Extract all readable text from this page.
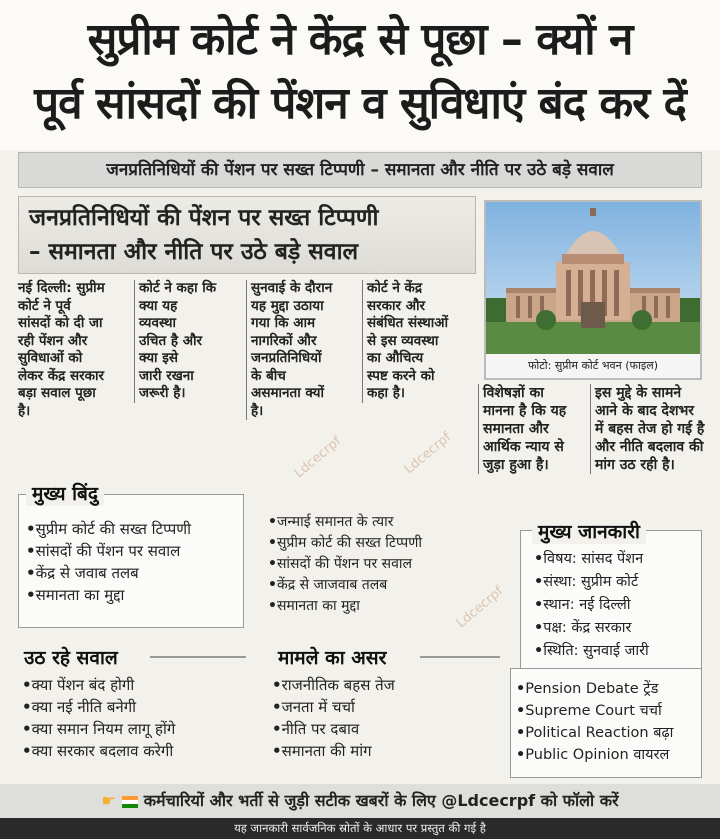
सुप्रीम कोर्ट ने केंद्र से पूछा – क्यों न
पूर्व सांसदों की पेंशन व सुविधाएं बंद कर दें
जनप्रतिनिधियों की पेंशन पर सख्त टिप्पणी – समानता और नीति पर उठे बड़े सवाल
जनप्रतिनिधियों की पेंशन पर सख्त टिप्पणी
– समानता और नीति पर उठे बड़े सवाल
फोटो: सुप्रीम कोर्ट भवन (फाइल)
नई दिल्ली: सुप्रीम
कोर्ट ने पूर्व
सांसदों को दी जा
रही पेंशन और
सुविधाओं को
लेकर केंद्र सरकार
बड़ा सवाल पूछा
है।
कोर्ट ने कहा कि
क्या यह
व्यवस्था
उचित है और
क्या इसे
जारी रखना
जरूरी है।
सुनवाई के दौरान
यह मुद्दा उठाया
गया कि आम
नागरिकों और
जनप्रतिनिधियों
के बीच
असमानता क्यों
है।
कोर्ट ने केंद्र
सरकार और
संबंधित संस्थाओं
से इस व्यवस्था
का औचित्य
स्पष्ट करने को
कहा है।	विशेषज्ञों का
मानना है कि यह
समानता और
आर्थिक न्याय से
जुड़ा हुआ है।
इस मुद्दे के सामने
आने के बाद देशभर
में बहस तेज हो गई है
और नीति बदलाव की
मांग उठ रही है।
Ldcecrpf	Ldcecrpf
Ldcecrpf
मुख्य बिंदु
• सुप्रीम कोर्ट की सख्त टिप्पणी
• सांसदों की पेंशन पर सवाल
• केंद्र से जवाब तलब
• समानता का मुद्दा
• जन्माई समानत के त्यार
• सुप्रीम कोर्ट की सख्त टिप्पणी
• सांसदों की पेंशन पर सवाल
• केंद्र से जाजवाब तलब
• समानता का मुद्दा
मुख्य जानकारी
• विषय: सांसद पेंशन
• संस्था: सुप्रीम कोर्ट
• स्थान: नई दिल्ली
• पक्ष: केंद्र सरकार
• स्थिति: सुनवाई जारी
उठ रहे सवाल
• क्या पेंशन बंद होगी
• क्या नई नीति बनेगी
• क्या समान नियम लागू होंगे
• क्या सरकार बदलाव करेगी
मामले का असर
• राजनीतिक बहस तेज
• जनता में चर्चा
• नीति पर दबाव
• समानता की मांग
• Pension Debate ट्रेंड
• Supreme Court चर्चा
• Political Reaction बढ़ा
• Public Opinion वायरल
☛ कर्मचारियों और भर्ती से जुड़ी सटीक खबरों के लिए @Ldcecrpf को फॉलो करें
यह जानकारी सार्वजनिक स्रोतों के आधार पर प्रस्तुत की गई है
